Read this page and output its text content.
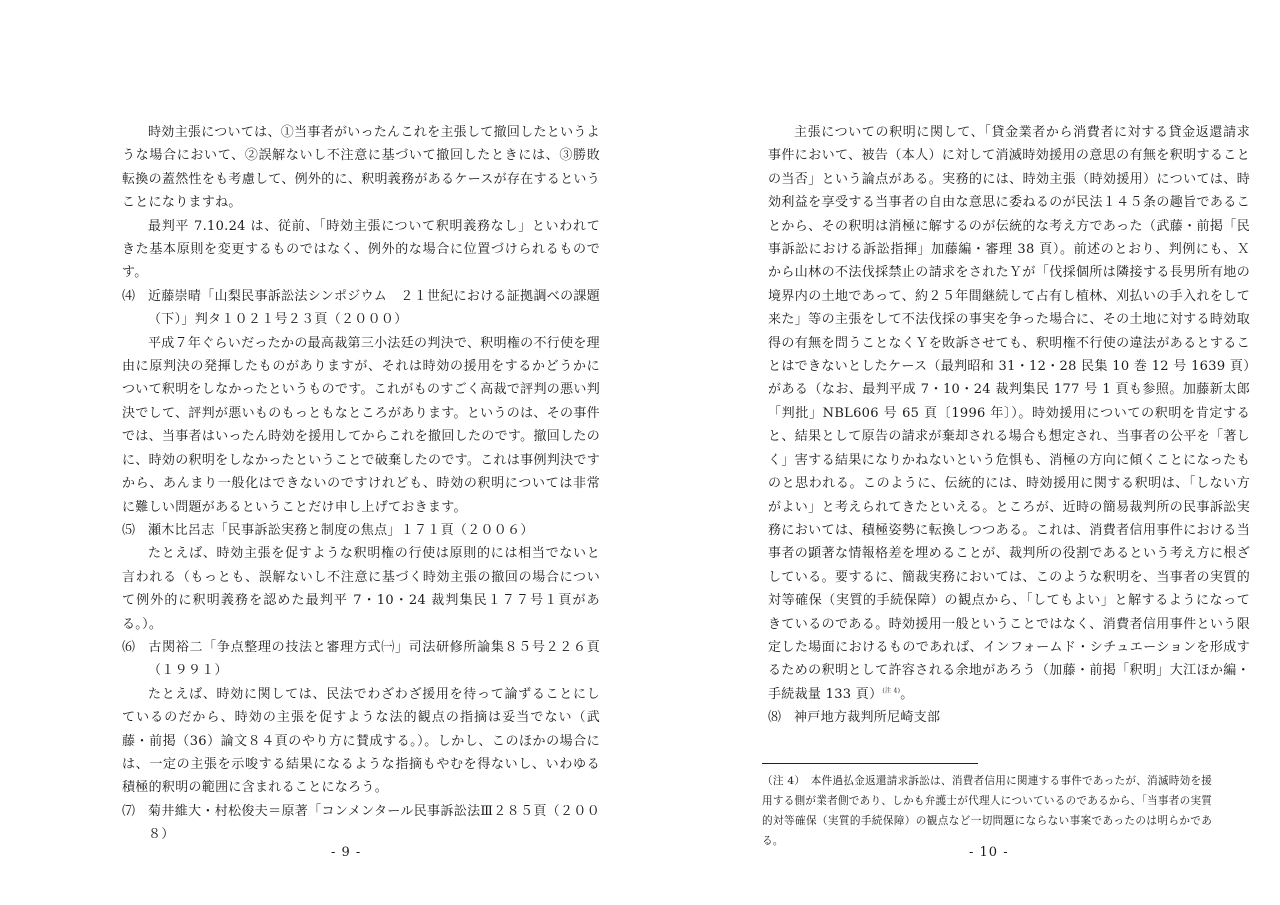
時効主張については、①当事者がいったんこれを主張して撤回したというような場合において、②誤解ないし不注意に基づいて撤回したときには、③勝敗転換の蓋然性をも考慮して、例外的に、釈明義務があるケースが存在するということになりますね。

最判平 7.10.24 は、従前、「時効主張について釈明義務なし」といわれてきた基本原則を変更するものではなく、例外的な場合に位置づけられるものです。

⑷ 近藤崇晴「山梨民事訴訟法シンポジウム　２１世紀における証拠調べの課題（下）」判タ１０２１号２３頁（２０００）

平成７年ぐらいだったかの最高裁第三小法廷の判決で、釈明権の不行使を理由に原判決の発揮したものがありますが、それは時効の援用をするかどうかについて釈明をしなかったというものです。これがものすごく高裁で評判の悪い判決でして、評判が悪いものもっともなところがあります。というのは、その事件では、当事者はいったん時効を援用してからこれを撤回したのです。撤回したのに、時効の釈明をしなかったということで破棄したのです。これは事例判決ですから、あんまり一般化はできないのですけれども、時効の釈明については非常に難しい問題があるということだけ申し上げておきます。

⑸ 瀬木比呂志「民事訴訟実務と制度の焦点」１７１頁（２００６）

たとえば、時効主張を促すような釈明権の行使は原則的には相当でないと言われる（もっとも、誤解ないし不注意に基づく時効主張の撤回の場合について例外的に釈明義務を認めた最判平 7・10・24 裁判集民１７７号１頁がある。）。

⑹ 古関裕二「争点整理の技法と審理方式㈠」司法研修所論集８５号２２６頁（１９９１）

たとえば、時効に関しては、民法でわざわざ援用を待って論ずることにしているのだから、時効の主張を促すような法的観点の指摘は妥当でない（武藤・前掲（36）論文８４頁のやり方に賛成する。）。しかし、このほかの場合には、一定の主張を示唆する結果になるような指摘もやむを得ないし、いわゆる積極的釈明の範囲に含まれることになろう。

⑺ 菊井維大・村松俊夫＝原著「コンメンタール民事訴訟法Ⅲ２８５頁（２００８）
- 9 -

主張についての釈明に関して、「貸金業者から消費者に対する貸金返還請求事件において、被告（本人）に対して消滅時効援用の意思の有無を釈明することの当否」という論点がある。実務的には、時効主張（時効援用）については、時効利益を享受する当事者の自由な意思に委ねるのが民法１４５条の趣旨であることから、その釈明は消極に解するのが伝統的な考え方であった（武藤・前掲「民事訴訟における訴訟指揮」加藤編・審理 38 頁）。前述のとおり、判例にも、Ｘから山林の不法伐採禁止の請求をされたＹが「伐採個所は隣接する長男所有地の境界内の土地であって、約２５年間継続して占有し植林、刈払いの手入れをして来た」等の主張をして不法伐採の事実を争った場合に、その土地に対する時効取得の有無を問うことなくＹを敗訴させても、釈明権不行使の違法があるとすることはできないとしたケース（最判昭和 31・12・28 民集 10 巻 12 号 1639 頁）がある（なお、最判平成 7・10・24 裁判集民 177 号 1 頁も参照。加藤新太郎「判批」NBL606 号 65 頁〔1996 年〕）。時効援用についての釈明を肯定すると、結果として原告の請求が棄却される場合も想定され、当事者の公平を「著しく」害する結果になりかねないという危惧も、消極の方向に傾くことになったものと思われる。このように、伝統的には、時効援用に関する釈明は、「しない方がよい」と考えられてきたといえる。ところが、近時の簡易裁判所の民事訴訟実務においては、積極姿勢に転換しつつある。これは、消費者信用事件における当事者の顕著な情報格差を埋めることが、裁判所の役割であるという考え方に根ざしている。要するに、簡裁実務においては、このような釈明を、当事者の実質的対等確保（実質的手続保障）の観点から、「してもよい」と解するようになってきているのである。時効援用一般ということではなく、消費者信用事件という限定した場面におけるものであれば、インフォームド・シチュエーションを形成するための釈明として許容される余地があろう（加藤・前掲「釈明」大江ほか編・手続裁量 133 頁）$^{(注 4)}$。

⑻ 神戸地方裁判所尼崎支部
- 10 -

（注 4）　 本件過払金返還請求訴訟は、消費者信用に関連する事件であったが、消滅時効を援用する側が業者側であり、しかも弁護士が代理人についているのであるから、「当事者の実質的対等確保（実質的手続保障）の観点など一切問題にならない事案であったのは明らかである。
